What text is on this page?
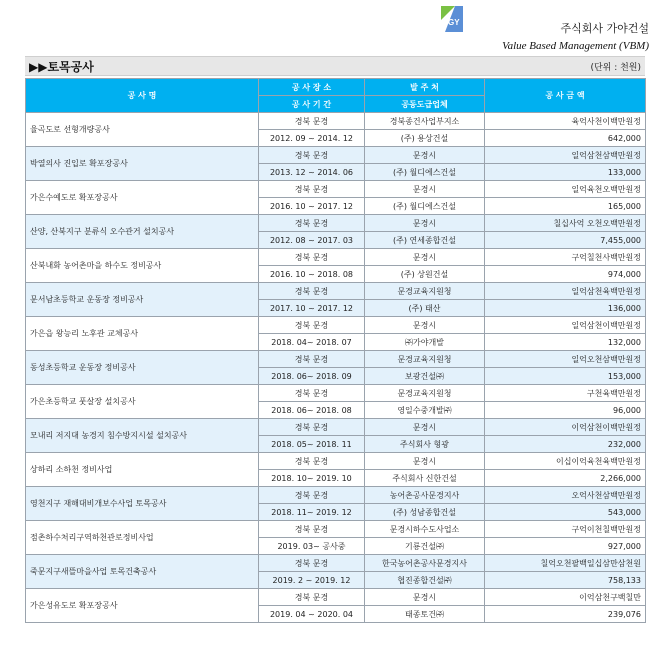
GY	주식회사 가야건설
Value Based Management (VBM)
▶▶토목공사	(단위 : 천원)
공 사 명	공 사 장 소	발 주 처	공 사 금 액
	공 사 기 간	공동도급업체	
율곡도로 선형개량공사	경북 문경	경북종건사업부지소	육억사천이백만원정
	2012. 09 ~ 2014. 12	(주) 용상건설	642,000
박열의사 진입로 확포장공사	경북 문경	문경시	일억삼천삼백만원정
	2013. 12 ~ 2014. 06	(주) 월디에스건설	133,000
가은수예도로 확포장공사	경북 문경	문경시	일억육천오백만원정
	2016. 10 ~ 2017. 12	(주) 월디에스건설	165,000
산양, 산북지구 분류식 오수관거 설치공사	경북 문경	문경시	칠십사억 오천오백만원정
	2012. 08 ~ 2017. 03	(주) 연세종합건설	7,455,000
산북내화 농어촌마을 하수도 정비공사	경북 문경	문경시	구억칠천사백만원정
	2016. 10 ~ 2018. 08	(주) 상원건설	974,000
문서남초등학교 운동장 정비공사	경북 문경	문경교육지원청	일억삼천육백만원정
	2017. 10 ~ 2017. 12	(주) 태산	136,000
가은읍 왕능리 노후관 교체공사	경북 문경	문경시	일억삼천이백만원정
	2018. 04~ 2018. 07	㈜가야개발	132,000
동성초등학교 운동장 정비공사	경북 문경	문경교육지원청	일억오천삼백만원정
	2018. 06~ 2018. 09	보광건설㈜	153,000
가은초등학교 풋살장 설치공사	경북 문경	문경교육지원청	구천육백만원정
	2018. 06~ 2018. 08	영일수중개발㈜	96,000
모내리 저지대 농경지 침수방지시설 설치공사	경북 문경	문경시	이억삼천이백만원정
	2018. 05~ 2018. 11	주식회사 형광	232,000
상하리 소하천 정비사업	경북 문경	문경시	이십이억육천육백만원정
	2018. 10~ 2019. 10	주식회사 신한건설	2,266,000
영천지구 재해대비개보수사업 토목공사	경북 문경	농어촌공사문경지사	오억사천삼백만원정
	2018. 11~ 2019. 12	(주) 성남종합건설	543,000
점촌하수처리구역하천관로정비사업	경북 문경	문경시하수도사업소	구억이천칠백만원정
	2019. 03~ 공사중	기룡건설㈜	927,000
죽문지구새뜰마을사업 토목건축공사	경북 문경	한국농어촌공사문경지사	칠억오천팔백일십삼만삼천원
	2019. 2 ~ 2019. 12	협진종합건설㈜	758,133
가은성유도로 확포장공사	경북 문경	문경시	이억삼천구백칠만
	2019. 04 ~ 2020. 04	태종토건㈜	239,076
